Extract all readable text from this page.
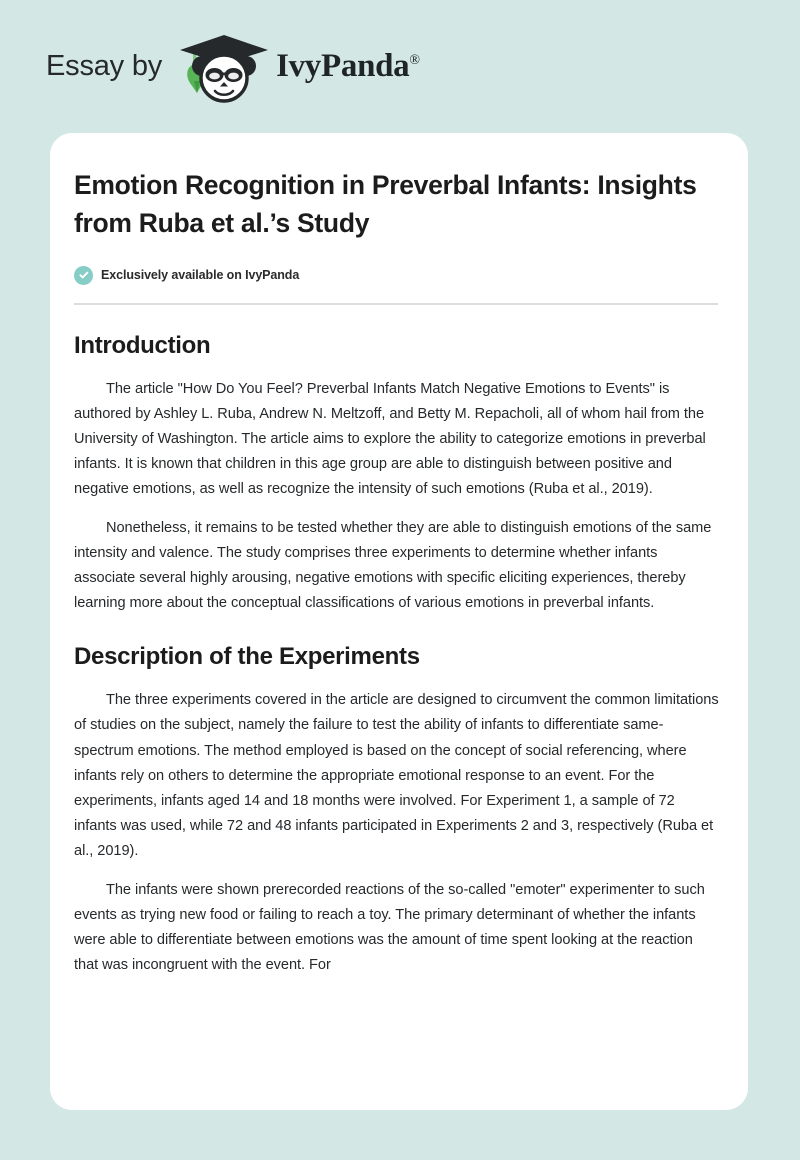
Essay by	IvyPanda®
Emotion Recognition in Preverbal Infants: Insights from Ruba et al.’s Study
Exclusively available on IvyPanda
Introduction

The article "How Do You Feel? Preverbal Infants Match Negative Emotions to Events" is authored by Ashley L. Ruba, Andrew N. Meltzoff, and Betty M. Repacholi, all of whom hail from the University of Washington. The article aims to explore the ability to categorize emotions in preverbal infants. It is known that children in this age group are able to distinguish between positive and negative emotions, as well as recognize the intensity of such emotions (Ruba et al., 2019).

Nonetheless, it remains to be tested whether they are able to distinguish emotions of the same intensity and valence. The study comprises three experiments to determine whether infants associate several highly arousing, negative emotions with specific eliciting experiences, thereby learning more about the conceptual classifications of various emotions in preverbal infants.

Description of the Experiments

The three experiments covered in the article are designed to circumvent the common limitations of studies on the subject, namely the failure to test the ability of infants to differentiate same-spectrum emotions. The method employed is based on the concept of social referencing, where infants rely on others to determine the appropriate emotional response to an event. For the experiments, infants aged 14 and 18 months were involved. For Experiment 1, a sample of 72 infants was used, while 72 and 48 infants participated in Experiments 2 and 3, respectively (Ruba et al., 2019).

The infants were shown prerecorded reactions of the so-called "emoter" experimenter to such events as trying new food or failing to reach a toy. The primary determinant of whether the infants were able to differentiate between emotions was the amount of time spent looking at the reaction that was incongruent with the event. For
